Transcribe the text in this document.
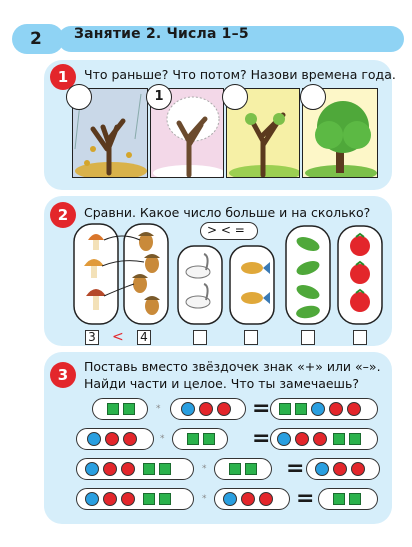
2	Занятие 2. Числа 1–5
1	Что раньше? Что потом? Назови времена года.
1
2	Сравни. Какое число больше и на сколько?
3 < 4
> < =
3	Поставь вместо звёздочек знак «+» или «–».
Найди части и целое. Что ты замечаешь?
*	=
*	=
*	=
*	=
